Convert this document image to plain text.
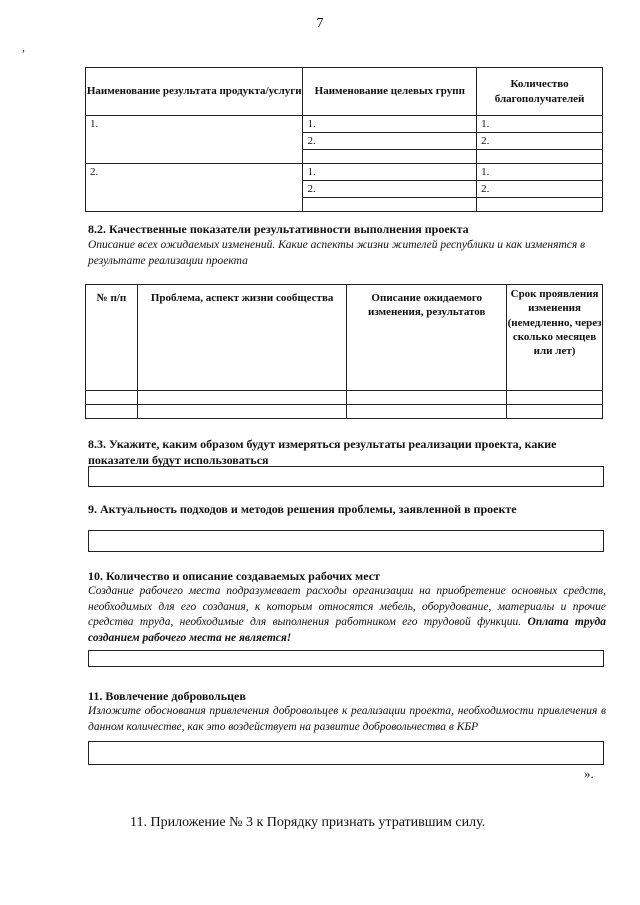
7
,
Наименование результата продукта/услуги	Наименование целевых групп	Количество благополучателей
1.	1.	1.
	2.	2.

2.	1.	1.
	2.	2.

8.2. Качественные показатели результативности выполнения проекта
Описание всех ожидаемых изменений. Какие аспекты жизни жителей республики и как изменятся в результате реализации проекта
№ п/п	Проблема, аспект жизни сообщества	Описание ожидаемого изменения, результатов	Срок проявления изменения (немедленно, через сколько месяцев или лет)

8.3. Укажите, каким образом будут измеряться результаты реализации проекта, какие показатели будут использоваться
9. Актуальность подходов и методов решения проблемы, заявленной в проекте
10. Количество и описание создаваемых рабочих мест
Создание рабочего места подразумевает расходы организации на приобретение основных средств, необходимых для его создания, к которым относятся мебель, оборудование, материалы и прочие средства труда, необходимые для выполнения работником его трудовой функции. Оплата труда созданием рабочего места не является!
11. Вовлечение добровольцев
Изложите обоснования привлечения добровольцев к реализации проекта, необходимости привлечения в данном количестве, как это воздействует на развитие добровольчества в КБР
».
11. Приложение № 3 к Порядку признать утратившим силу.
